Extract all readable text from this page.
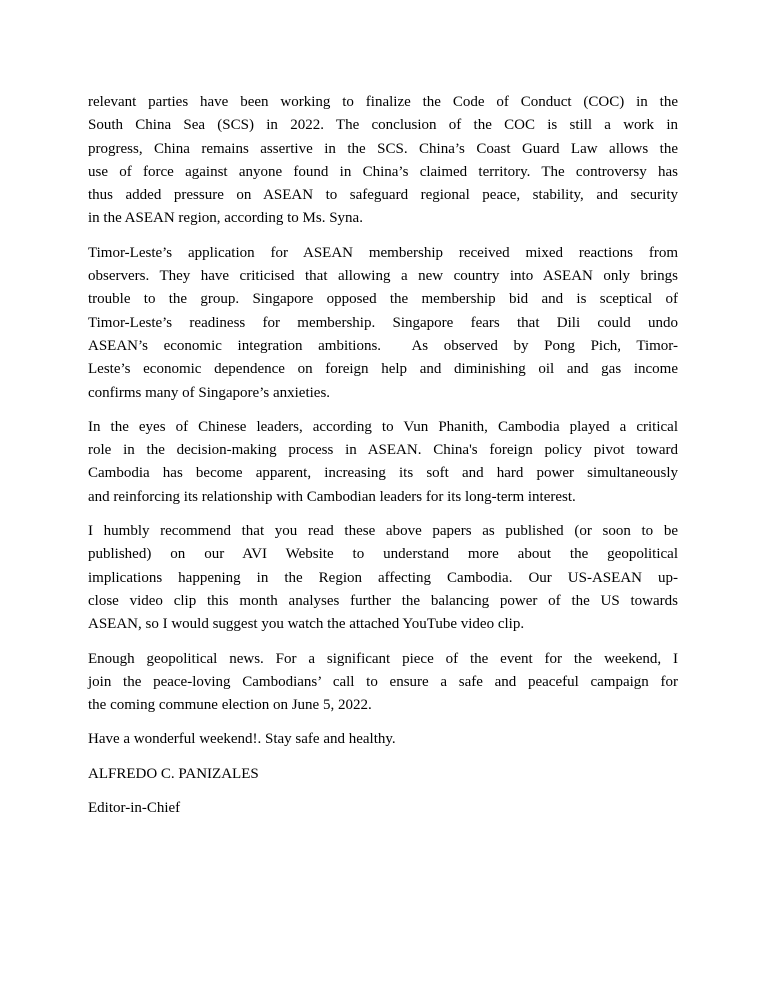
relevant parties have been working to finalize the Code of Conduct (COC) in the
South China Sea (SCS) in 2022. The conclusion of the COC is still a work in
progress, China remains assertive in the SCS. China’s Coast Guard Law allows the
use of force against anyone found in China’s claimed territory. The controversy has
thus added pressure on ASEAN to safeguard regional peace, stability, and security
in the ASEAN region, according to Ms. Syna.

Timor-Leste’s application for ASEAN membership received mixed reactions from
observers. They have criticised that allowing a new country into ASEAN only brings
trouble to the group. Singapore opposed the membership bid and is sceptical of
Timor-Leste’s readiness for membership. Singapore fears that Dili could undo
ASEAN’s economic integration ambitions.  As observed by Pong Pich, Timor-
Leste’s economic dependence on foreign help and diminishing oil and gas income
confirms many of Singapore’s anxieties.

In the eyes of Chinese leaders, according to Vun Phanith, Cambodia played a critical
role in the decision-making process in ASEAN. China's foreign policy pivot toward
Cambodia has become apparent, increasing its soft and hard power simultaneously
and reinforcing its relationship with Cambodian leaders for its long-term interest.

I humbly recommend that you read these above papers as published (or soon to be
published) on our AVI Website to understand more about the geopolitical
implications happening in the Region affecting Cambodia. Our US-ASEAN up-
close video clip this month analyses further the balancing power of the US towards
ASEAN, so I would suggest you watch the attached YouTube video clip.

Enough geopolitical news. For a significant piece of the event for the weekend, I
join the peace-loving Cambodians’ call to ensure a safe and peaceful campaign for
the coming commune election on June 5, 2022.

Have a wonderful weekend!. Stay safe and healthy.

ALFREDO C. PANIZALES

Editor-in-Chief
